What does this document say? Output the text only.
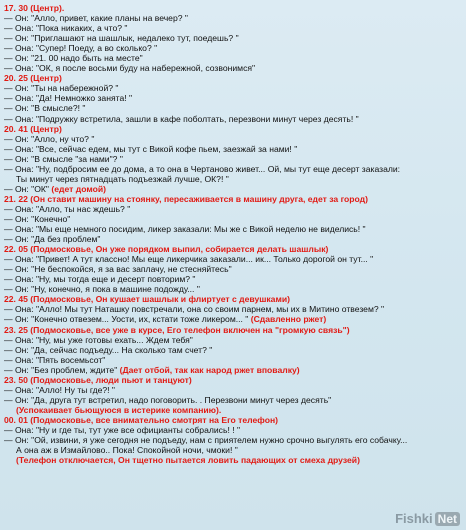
17. 30 (Центр).
— Он: "Алло, привет, какие планы на вечер? "
— Она: "Пока никаких, а что? "
— Он: "Приглашают на шашлык, недалеко тут, поедешь? "
— Она: "Супер! Поеду, а во сколько? "
— Он: "21. 00 надо быть на месте"
— Она: "ОК, я после восьми буду на набережной, созвонимся"
20. 25 (Центр)
— Он: "Ты на набережной? "
— Она: "Да! Немножко занята! "
— Он: "В смысле?! "
— Она: "Подружку встретила, зашли в кафе поболтать, перезвони минут через десять! "
20. 41 (Центр)
— Он: "Алло, ну что? "
— Она: "Все, сейчас едем, мы тут с Викой кофе пьем, заезжай за нами! "
— Он: "В смысле "за нами"? "
— Она: "Ну, подбросим ее до дома, а то она в Чертаново живет... Ой, мы тут еще десерт заказали:
Ты минут через пятнадцать подъезжай лучше, ОК?! "
— Он: "ОК" (едет домой)
21. 22 (Он ставит машину на стоянку, пересаживается в машину друга, едет за город)
— Она: "Алло, ты нас ждешь? "
— Он: "Конечно"
— Она: "Мы еще немного посидим, ликер заказали: Мы же с Викой неделю не виделись! "
— Он: "Да без проблем"
22. 05 (Подмосковье, Он уже порядком выпил, собирается делать шашлык)
— Она: "Привет! А тут классно! Мы еще ликерчика заказали... ик... Только дорогой он тут... "
— Он: "Не беспокойся, я за вас заплачу, не стесняйтесь"
— Она: "Ну, мы тогда еще и десерт повторим? "
— Он: "Ну, конечно, я пока в машине подожду... "
22. 45 (Подмосковье, Он кушает шашлык и флиртует с девушками)
— Она: "Алло! Мы тут Наташку повстречали, она со своим парнем, мы их в Митино отвезем? "
— Он: "Конечно отвезем... Уости, их, кстати тоже ликером... " (Сдавленно ржет)
23. 25 (Подмосковье, все уже в курсе, Его телефон включен на "громкую связь")
— Она: "Ну, мы уже готовы ехать... Ждем тебя"
— Он: "Да, сейчас подъеду... На сколько там счет? "
— Она: "Пять восемьсот"
— Он: "Без проблем, ждите" (Дает отбой, так как народ ржет вповалку)
23. 50 (Подмосковье, люди пьют и танцуют)
— Она: "Алло! Ну ты где?! "
— Он: "Да, друга тут встретил, надо поговорить. . Перезвони минут через десять"
(Успокаивает бьющуюся в истерике компанию).
00. 01 (Подмосковье, все внимательно смотрят на Его телефон)
— Она: "Ну и где ты, тут уже все официанты собрались! ! "
— Он: "Ой, извини, я уже сегодня не подъеду, нам с приятелем нужно срочно выгулять его собачку...
А она аж в Измайлово.. Пока! Спокойной ночи, чмоки! "
(Телефон отключается, Он тщетно пытается ловить падающих от смеха друзей)
Fishki Net
